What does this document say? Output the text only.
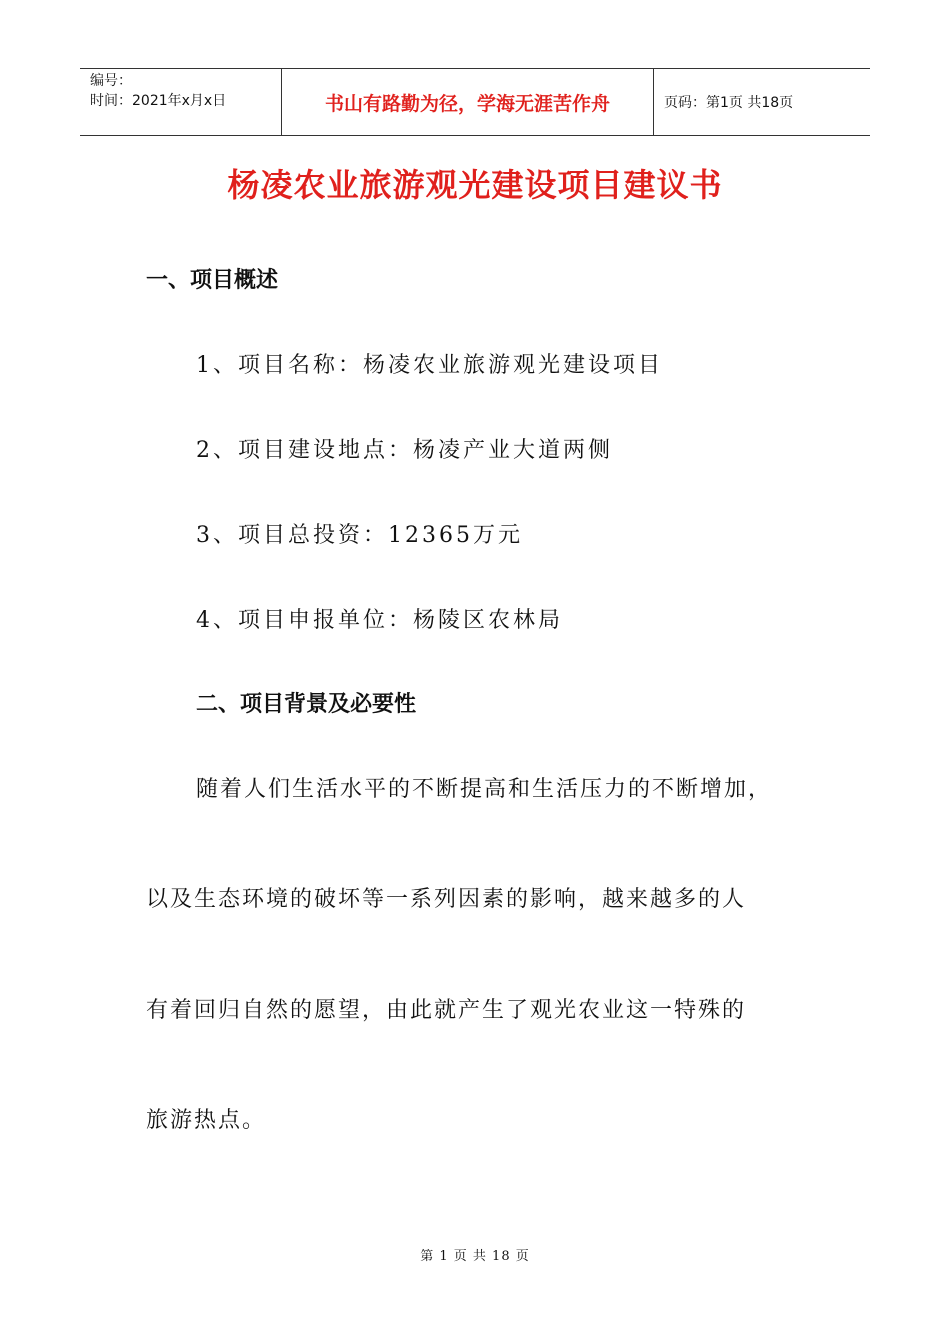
编号：
时间：2021年x月x日	书山有路勤为径，学海无涯苦作舟	页码：第1页 共18页
杨凌农业旅游观光建设项目建议书
一、项目概述
1、项目名称：杨凌农业旅游观光建设项目
2、项目建设地点：杨凌产业大道两侧
3、项目总投资：12365万元
4、项目申报单位：杨陵区农林局
二、项目背景及必要性
随着人们生活水平的不断提高和生活压力的不断增加，
以及生态环境的破坏等一系列因素的影响，越来越多的人
有着回归自然的愿望，由此就产生了观光农业这一特殊的
旅游热点。
第 1 页 共 18 页
